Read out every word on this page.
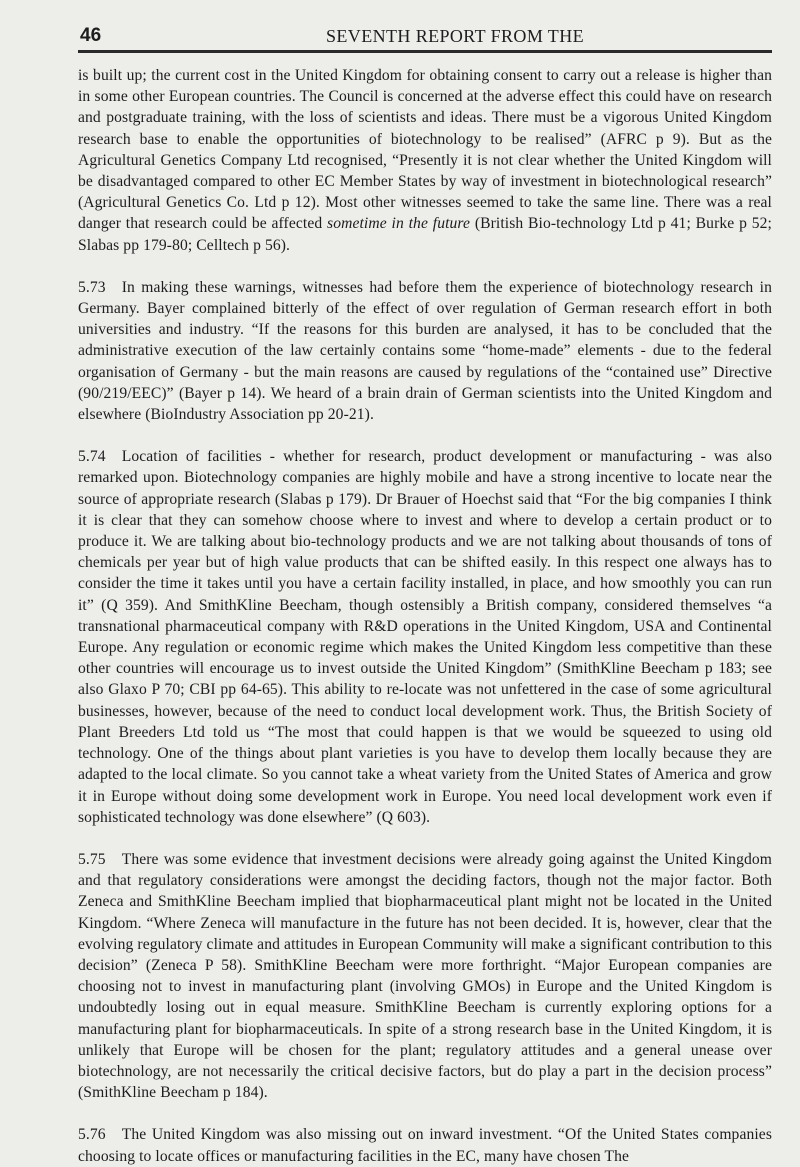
46	SEVENTH REPORT FROM THE

is built up; the current cost in the United Kingdom for obtaining consent to carry out a release is higher than in some other European countries. The Council is concerned at the adverse effect this could have on research and postgraduate training, with the loss of scientists and ideas. There must be a vigorous United Kingdom research base to enable the opportunities of biotechnology to be realised” (AFRC p 9). But as the Agricultural Genetics Company Ltd recognised, “Presently it is not clear whether the United Kingdom will be disadvantaged compared to other EC Member States by way of investment in biotechnological research” (Agricultural Genetics Co. Ltd p 12). Most other witnesses seemed to take the same line. There was a real danger that research could be affected sometime in the future (British Bio-technology Ltd p 41; Burke p 52; Slabas pp 179-80; Celltech p 56).

5.73 In making these warnings, witnesses had before them the experience of biotechnology research in Germany. Bayer complained bitterly of the effect of over regulation of German research effort in both universities and industry. “If the reasons for this burden are analysed, it has to be concluded that the administrative execution of the law certainly contains some “home-made” elements - due to the federal organisation of Germany - but the main reasons are caused by regulations of the “contained use” Directive (90/219/EEC)” (Bayer p 14). We heard of a brain drain of German scientists into the United Kingdom and elsewhere (BioIndustry Association pp 20-21).

5.74 Location of facilities - whether for research, product development or manufacturing - was also remarked upon. Biotechnology companies are highly mobile and have a strong incentive to locate near the source of appropriate research (Slabas p 179). Dr Brauer of Hoechst said that “For the big companies I think it is clear that they can somehow choose where to invest and where to develop a certain product or to produce it. We are talking about bio-technology products and we are not talking about thousands of tons of chemicals per year but of high value products that can be shifted easily. In this respect one always has to consider the time it takes until you have a certain facility installed, in place, and how smoothly you can run it” (Q 359). And SmithKline Beecham, though ostensibly a British company, considered themselves “a transnational pharmaceutical company with R&D operations in the United Kingdom, USA and Continental Europe. Any regulation or economic regime which makes the United Kingdom less competitive than these other countries will encourage us to invest outside the United Kingdom” (SmithKline Beecham p 183; see also Glaxo P 70; CBI pp 64-65). This ability to re-locate was not unfettered in the case of some agricultural businesses, however, because of the need to conduct local development work. Thus, the British Society of Plant Breeders Ltd told us “The most that could happen is that we would be squeezed to using old technology. One of the things about plant varieties is you have to develop them locally because they are adapted to the local climate. So you cannot take a wheat variety from the United States of America and grow it in Europe without doing some development work in Europe. You need local development work even if sophisticated technology was done elsewhere” (Q 603).

5.75 There was some evidence that investment decisions were already going against the United Kingdom and that regulatory considerations were amongst the deciding factors, though not the major factor. Both Zeneca and SmithKline Beecham implied that biopharmaceutical plant might not be located in the United Kingdom. “Where Zeneca will manufacture in the future has not been decided. It is, however, clear that the evolving regulatory climate and attitudes in European Community will make a significant contribution to this decision” (Zeneca P 58). SmithKline Beecham were more forthright. “Major European companies are choosing not to invest in manufacturing plant (involving GMOs) in Europe and the United Kingdom is undoubtedly losing out in equal measure. SmithKline Beecham is currently exploring options for a manufacturing plant for biopharmaceuticals. In spite of a strong research base in the United Kingdom, it is unlikely that Europe will be chosen for the plant; regulatory attitudes and a general unease over biotechnology, are not necessarily the critical decisive factors, but do play a part in the decision process” (SmithKline Beecham p 184).

5.76 The United Kingdom was also missing out on inward investment. “Of the United States companies choosing to locate offices or manufacturing facilities in the EC, many have chosen The
